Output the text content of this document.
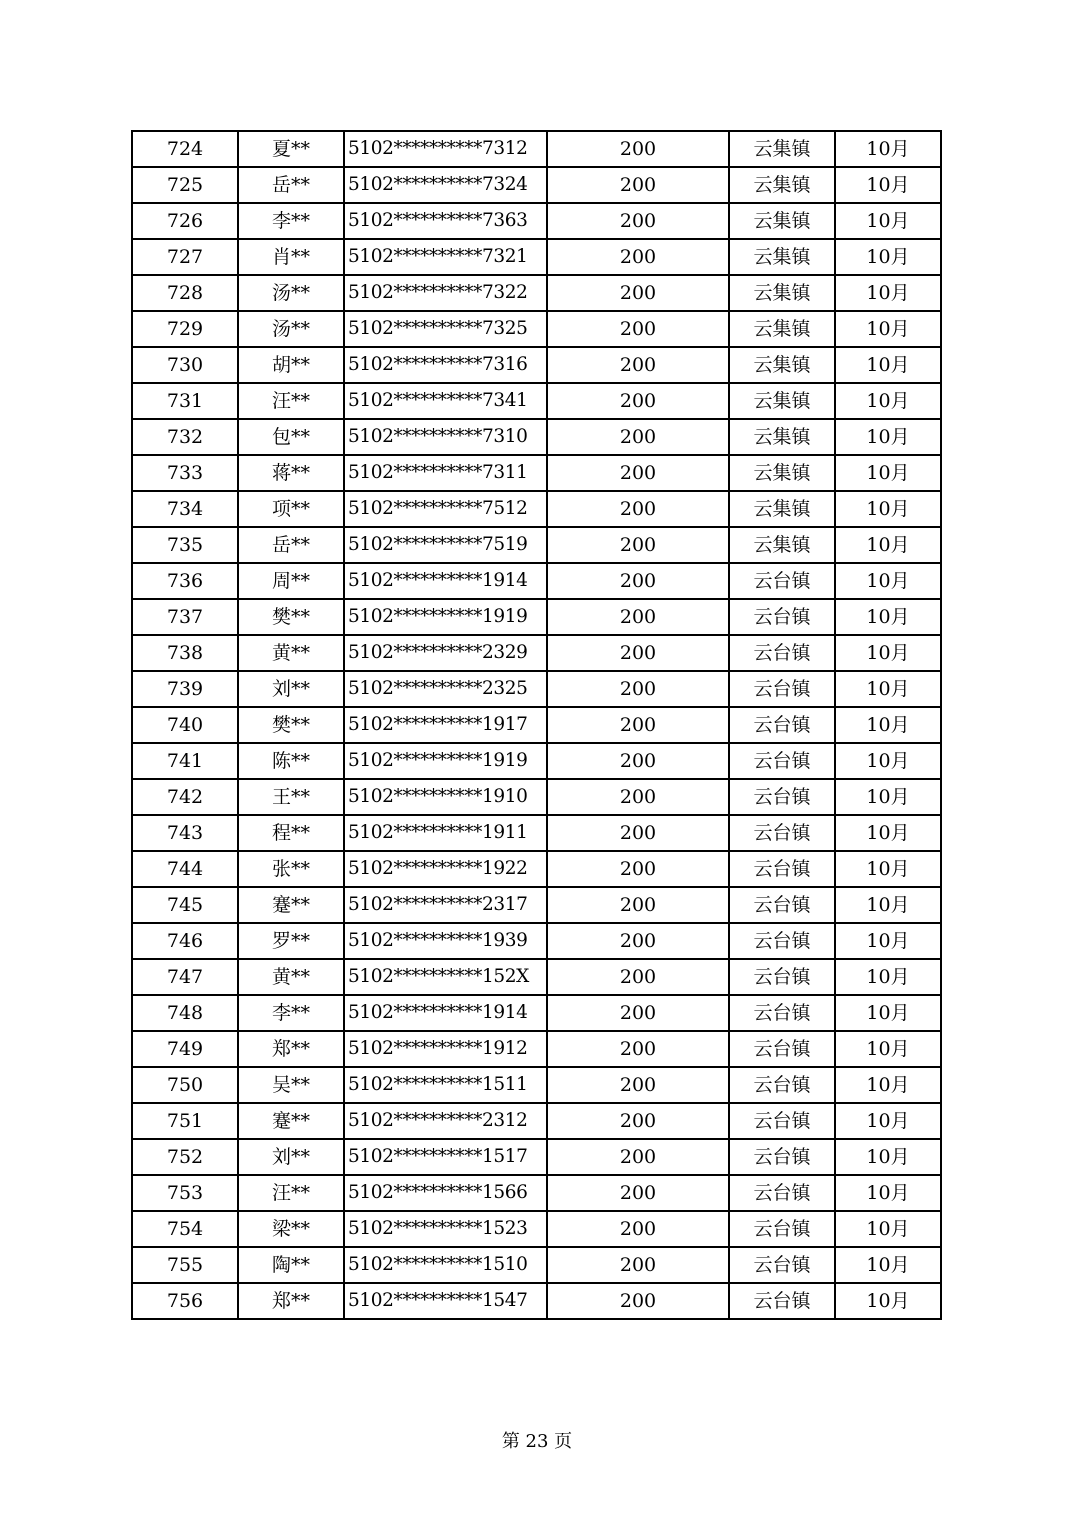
724	夏**	5102**********7312	200	云集镇	10月
725	岳**	5102**********7324	200	云集镇	10月
726	李**	5102**********7363	200	云集镇	10月
727	肖**	5102**********7321	200	云集镇	10月
728	汤**	5102**********7322	200	云集镇	10月
729	汤**	5102**********7325	200	云集镇	10月
730	胡**	5102**********7316	200	云集镇	10月
731	汪**	5102**********7341	200	云集镇	10月
732	包**	5102**********7310	200	云集镇	10月
733	蒋**	5102**********7311	200	云集镇	10月
734	项**	5102**********7512	200	云集镇	10月
735	岳**	5102**********7519	200	云集镇	10月
736	周**	5102**********1914	200	云台镇	10月
737	樊**	5102**********1919	200	云台镇	10月
738	黄**	5102**********2329	200	云台镇	10月
739	刘**	5102**********2325	200	云台镇	10月
740	樊**	5102**********1917	200	云台镇	10月
741	陈**	5102**********1919	200	云台镇	10月
742	王**	5102**********1910	200	云台镇	10月
743	程**	5102**********1911	200	云台镇	10月
744	张**	5102**********1922	200	云台镇	10月
745	蹇**	5102**********2317	200	云台镇	10月
746	罗**	5102**********1939	200	云台镇	10月
747	黄**	5102**********152X	200	云台镇	10月
748	李**	5102**********1914	200	云台镇	10月
749	郑**	5102**********1912	200	云台镇	10月
750	吴**	5102**********1511	200	云台镇	10月
751	蹇**	5102**********2312	200	云台镇	10月
752	刘**	5102**********1517	200	云台镇	10月
753	汪**	5102**********1566	200	云台镇	10月
754	梁**	5102**********1523	200	云台镇	10月
755	陶**	5102**********1510	200	云台镇	10月
756	郑**	5102**********1547	200	云台镇	10月
第 23 页
